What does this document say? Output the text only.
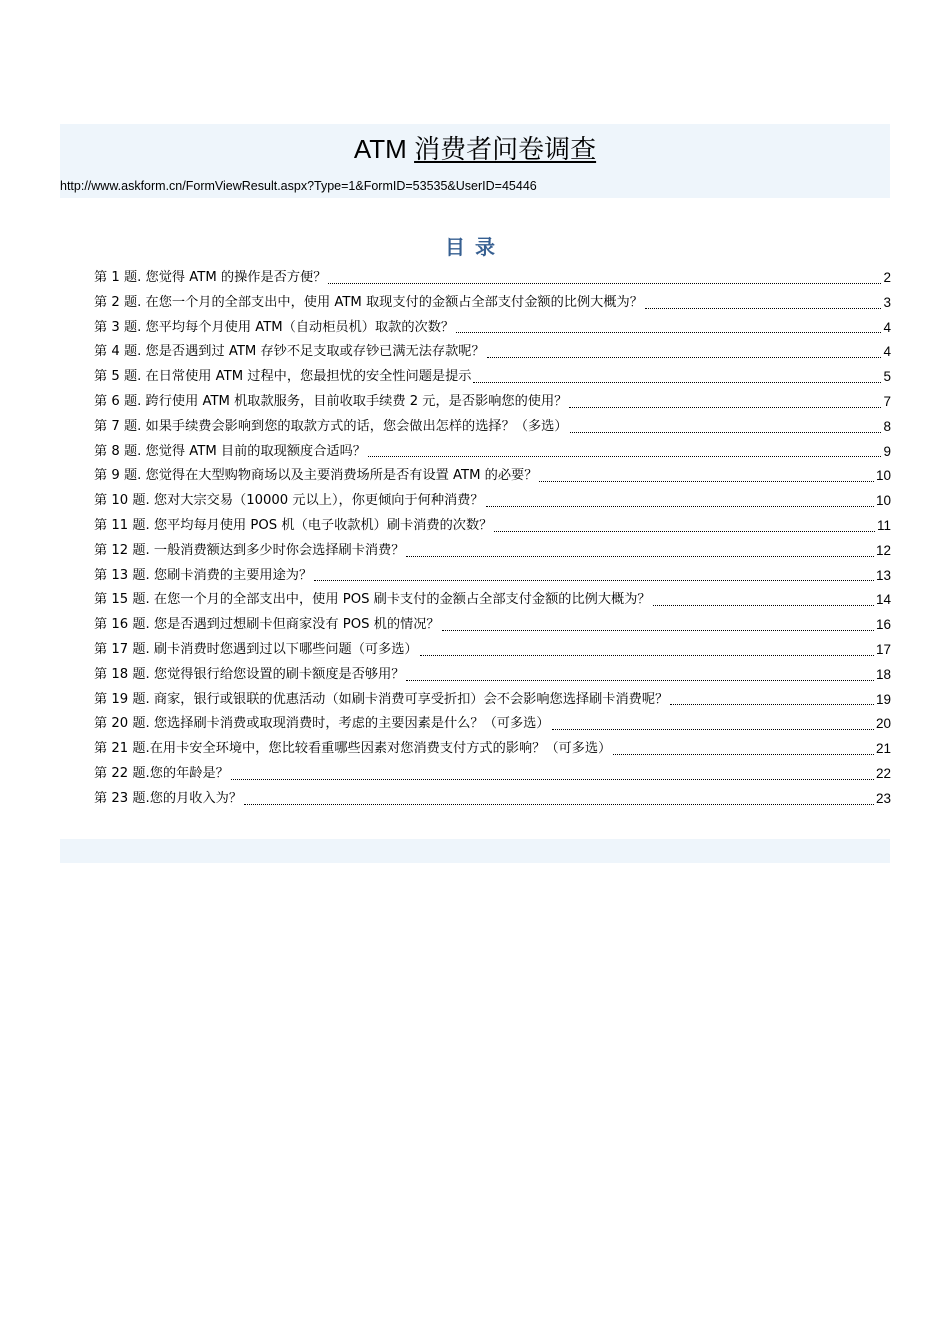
ATM 消费者问卷调查
http://www.askform.cn/FormViewResult.aspx?Type=1&FormID=53535&UserID=45446
目录
第 1 题. 您觉得 ATM 的操作是否方便？	2
第 2 题. 在您一个月的全部支出中，使用 ATM 取现支付的金额占全部支付金额的比例大概为？	3
第 3 题. 您平均每个月使用 ATM（自动柜员机）取款的次数？	4
第 4 题. 您是否遇到过 ATM 存钞不足支取或存钞已满无法存款呢？	4
第 5 题. 在日常使用 ATM 过程中，您最担忧的安全性问题是提示	5
第 6 题. 跨行使用 ATM 机取款服务，目前收取手续费 2 元，是否影响您的使用？	7
第 7 题. 如果手续费会影响到您的取款方式的话，您会做出怎样的选择？（多选）	8
第 8 题. 您觉得 ATM 目前的取现额度合适吗？	9
第 9 题. 您觉得在大型购物商场以及主要消费场所是否有设置 ATM 的必要？	10
第 10 题. 您对大宗交易（10000 元以上），你更倾向于何种消费？	10
第 11 题. 您平均每月使用 POS 机（电子收款机）刷卡消费的次数？	11
第 12 题. 一般消费额达到多少时你会选择刷卡消费？	12
第 13 题. 您刷卡消费的主要用途为？	13
第 15 题. 在您一个月的全部支出中，使用 POS 刷卡支付的金额占全部支付金额的比例大概为？	14
第 16 题. 您是否遇到过想刷卡但商家没有 POS 机的情况？	16
第 17 题. 刷卡消费时您遇到过以下哪些问题（可多选）	17
第 18 题. 您觉得银行给您设置的刷卡额度是否够用？	18
第 19 题. 商家，银行或银联的优惠活动（如刷卡消费可享受折扣）会不会影响您选择刷卡消费呢？	19
第 20 题. 您选择刷卡消费或取现消费时，考虑的主要因素是什么？（可多选）	20
第 21 题.在用卡安全环境中，您比较看重哪些因素对您消费支付方式的影响？（可多选）	21
第 22 题.您的年龄是？	22
第 23 题.您的月收入为？	23
